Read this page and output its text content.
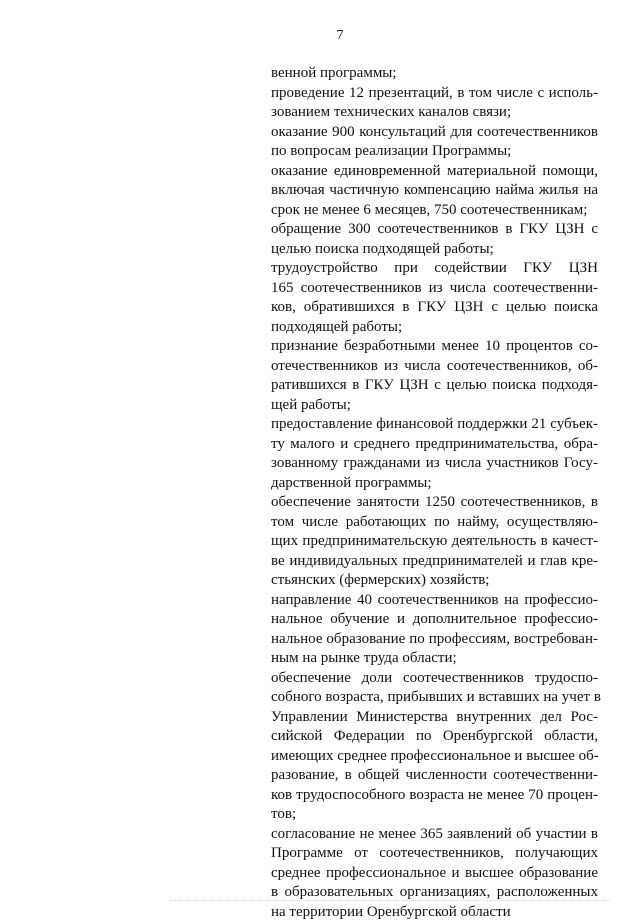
7
венной программы;
проведение 12 презентаций, в том числе с исполь-
зованием технических каналов связи;
оказание 900 консультаций для соотечественников
по вопросам реализации Программы;
оказание единовременной материальной помощи,
включая частичную компенсацию найма жилья на
срок не менее 6 месяцев, 750 соотечественникам;
обращение 300 соотечественников в ГКУ ЦЗН с
целью поиска подходящей работы;
трудоустройство при содействии ГКУ ЦЗН
165 соотечественников из числа соотечественни-
ков, обратившихся в ГКУ ЦЗН с целью поиска
подходящей работы;
признание безработными менее 10 процентов со-
отечественников из числа соотечественников, об-
ратившихся в ГКУ ЦЗН с целью поиска подходя-
щей работы;
предоставление финансовой поддержки 21 субъек-
ту малого и среднего предпринимательства, обра-
зованному гражданами из числа участников Госу-
дарственной программы;
обеспечение занятости 1250 соотечественников, в
том числе работающих по найму, осуществляю-
щих предпринимательскую деятельность в качест-
ве индивидуальных предпринимателей и глав кре-
стьянских (фермерских) хозяйств;
направление 40 соотечественников на профессио-
нальное обучение и дополнительное профессио-
нальное образование по профессиям, востребован-
ным на рынке труда области;
обеспечение доли соотечественников трудоспо-
собного возраста, прибывших и вставших на учет в
Управлении Министерства внутренних дел Рос-
сийской Федерации по Оренбургской области,
имеющих среднее профессиональное и высшее об-
разование, в общей численности соотечественни-
ков трудоспособного возраста не менее 70 процен-
тов;
согласование не менее 365 заявлений об участии в
Программе от соотечественников, получающих
среднее профессиональное и высшее образование
в образовательных организациях, расположенных
на территории Оренбургской области
